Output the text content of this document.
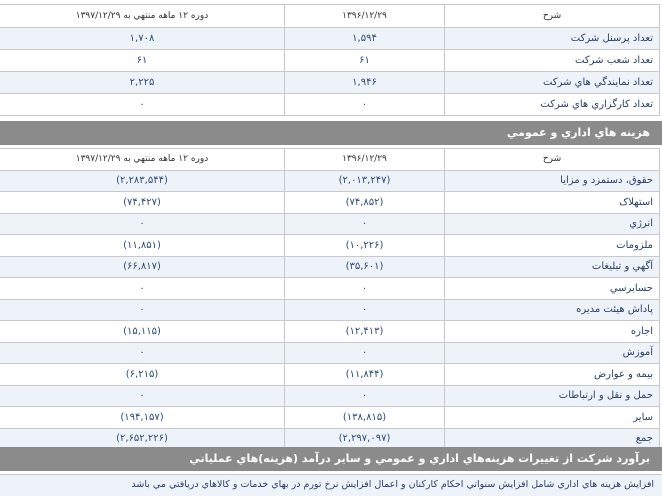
شرح	۱۳۹۶/۱۲/۲۹	دوره ۱۲ ماهه منتهي به ۱۳۹۷/۱۲/۲۹
تعداد پرسنل شرکت	۱,۵۹۴	۱,۷۰۸
تعداد شعب شرکت	۶۱	۶۱
تعداد نمايندگي هاي شرکت	۱,۹۴۶	۲,۲۲۵
تعداد کارگزاري هاي شرکت	۰	۰
هزينه هاي اداري و عمومي
شرح	۱۳۹۶/۱۲/۲۹	دوره ۱۲ ماهه منتهي به ۱۳۹۷/۱۲/۲۹
حقوق، دستمزد و مزايا	(۲,۰۱۳,۲۴۷)	(۲,۲۸۳,۵۴۴)
استهلاک	(۷۴,۸۵۲)	(۷۴,۴۲۷)
انرژي	۰	۰
ملزومات	(۱۰,۲۲۶)	(۱۱,۸۵۱)
آگهي و تبليغات	(۳۵,۶۰۱)	(۶۶,۸۱۷)
حسابرسي	۰	۰
پاداش هيئت مديره	۰	۰
اجاره	(۱۲,۴۱۳)	(۱۵,۱۱۵)
آموزش	۰	۰
بيمه و عوارض	(۱۱,۸۴۴)	(۶,۲۱۵)
حمل و نقل و ارتباطات	۰	۰
ساير	(۱۳۸,۸۱۵)	(۱۹۴,۱۵۷)
جمع	(۲,۲۹۷,۰۹۷)	(۲,۶۵۲,۲۲۶)
برآورد شرکت از تغييرات هزينه‌هاي اداري و عمومي و ساير درآمد (هزينه)هاي عملياتي
افزايش هزينه هاي اداري شامل افزايش سنواتي احکام کارکنان و اعمال افزايش نرخ تورم در بهاي خدمات و کالاهاي دريافتي مي باشد
